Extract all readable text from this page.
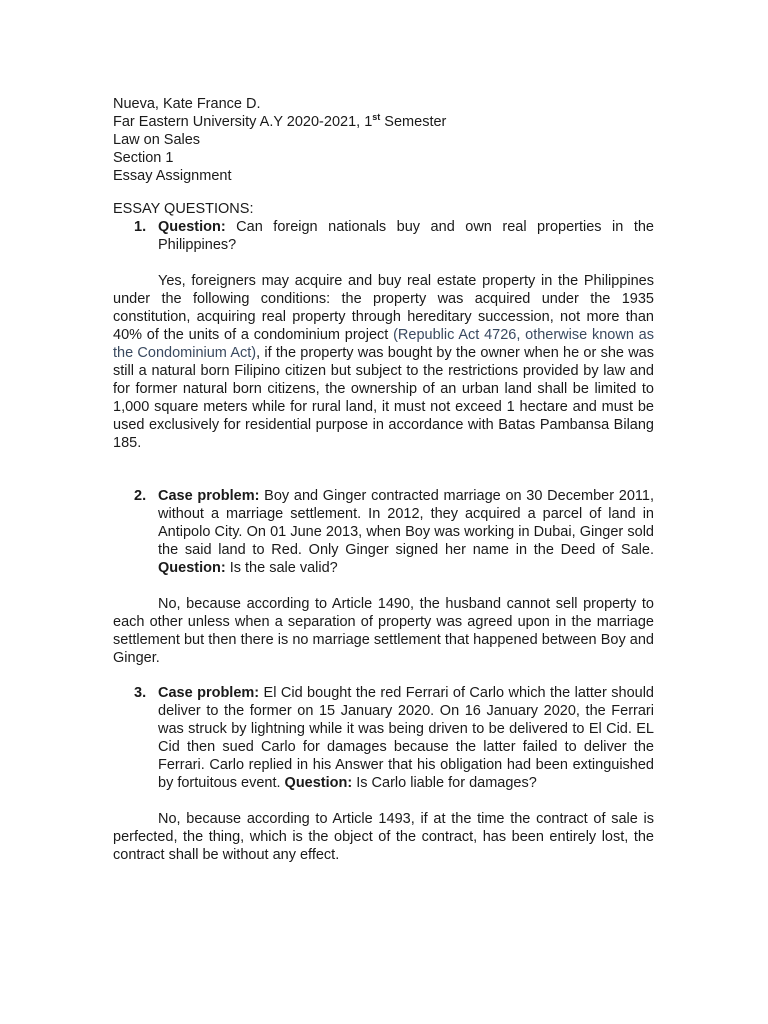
Nueva, Kate France D.
Far Eastern University A.Y 2020-2021, 1st Semester
Law on Sales
Section 1
Essay Assignment
ESSAY QUESTIONS:
1. Question: Can foreign nationals buy and own real properties in the Philippines?
Yes, foreigners may acquire and buy real estate property in the Philippines under the following conditions: the property was acquired under the 1935 constitution, acquiring real property through hereditary succession, not more than 40% of the units of a condominium project (Republic Act 4726, otherwise known as the Condominium Act), if the property was bought by the owner when he or she was still a natural born Filipino citizen but subject to the restrictions provided by law and for former natural born citizens, the ownership of an urban land shall be limited to 1,000 square meters while for rural land, it must not exceed 1 hectare and must be used exclusively for residential purpose in accordance with Batas Pambansa Bilang 185.
2. Case problem: Boy and Ginger contracted marriage on 30 December 2011, without a marriage settlement. In 2012, they acquired a parcel of land in Antipolo City. On 01 June 2013, when Boy was working in Dubai, Ginger sold the said land to Red. Only Ginger signed her name in the Deed of Sale. Question: Is the sale valid?
No, because according to Article 1490, the husband cannot sell property to each other unless when a separation of property was agreed upon in the marriage settlement but then there is no marriage settlement that happened between Boy and Ginger.
3. Case problem: El Cid bought the red Ferrari of Carlo which the latter should deliver to the former on 15 January 2020. On 16 January 2020, the Ferrari was struck by lightning while it was being driven to be delivered to El Cid. EL Cid then sued Carlo for damages because the latter failed to deliver the Ferrari. Carlo replied in his Answer that his obligation had been extinguished by fortuitous event. Question: Is Carlo liable for damages?
No, because according to Article 1493, if at the time the contract of sale is perfected, the thing, which is the object of the contract, has been entirely lost, the contract shall be without any effect.
